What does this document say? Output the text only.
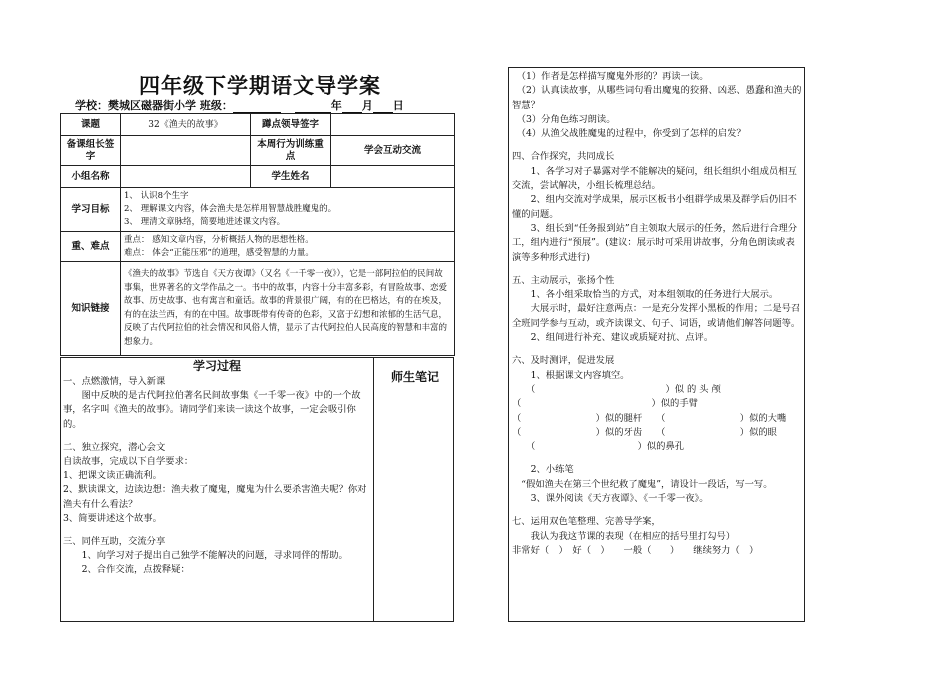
四年级下学期语文导学案
学校：樊城区磁器街小学 班级：	年 月 日
课题	32《渔夫的故事》	蹲点领导签字	
备课组长签字		本周行为训练重点	学会互动交流
小组名称		学生姓名	
学习目标	1、 认识8个生字
2、 理解课文内容，体会渔夫是怎样用智慧战胜魔鬼的。
3、 理清文章脉络，简要地进述课文内容。		

重、难点	重点： 感知文章内容，分析概括人物的思想性格。
难点： 体会“正能压邪”的道理，感受智慧的力量。		

知识链接	《渔夫的故事》节选自《天方夜谭》（又名《一千零一夜》），它是一部阿拉伯的民间故事集，世界著名的文学作品之一。书中的故事，内容十分丰富多彩，有冒险故事、恋爱故事、历史故事、也有寓言和童话。故事的背景很广阔，有的在巴格达，有的在埃及，有的在法兰西，有的在中国。故事既带有传奇的色彩，又富于幻想和浓郁的生活气息，反映了古代阿拉伯的社会情况和风俗人情，显示了古代阿拉伯人民高度的智慧和丰富的想象力。		
学习过程
师生笔记
一、点燃激情，导入新课
　　图中反映的是古代阿拉伯著名民间故事集《一千零一夜》中的一个故事，名字叫《渔夫的故事》。请同学们来读一读这个故事，一定会吸引你的。
二、独立探究，潜心会文
自读故事，完成以下自学要求：
1、把课文读正确流利。
2、默读课文，边读边想：渔夫救了魔鬼，魔鬼为什么要杀害渔夫呢？你对渔夫有什么看法？
3、简要讲述这个故事。
三、同伴互助，交流分享
　　1、向学习对子提出自己独学不能解决的问题，寻求同伴的帮助。
　　2、合作交流，点拨释疑：
　（1）作者是怎样描写魔鬼外形的？再读一读。
　（2）认真读故事，从哪些词句看出魔鬼的狡猾、凶恶、愚蠢和渔夫的智慧？
　（3）分角色练习朗读。
　（4）从渔父战胜魔鬼的过程中，你受到了怎样的启发？
四、合作探究，共同成长
　　1、各学习对子暴露对学不能解决的疑问，组长组织小组成员相互交流，尝试解决，小组长梳理总结。
　　2、组内交流对学成果，展示区板书小组群学成果及群学后仍旧不懂的问题。
　　3、组长到“任务报到站”自主领取大展示的任务，然后进行合理分工，组内进行“预展”。(建议：展示时可采用讲故事，分角色朗读或表演等多种形式进行)
五、主动展示，张扬个性
　　1、各小组采取恰当的方式，对本组领取的任务进行大展示。
　　大展示时，最好注意两点：一是充分发挥小黑板的作用；二是号召全班同学参与互动，或齐读课文、句子、词语，或请他们解答问题等。
　　2、组间进行补充、建议或质疑对抗、点评。
六、及时测评，促进发展
　　1、根据课文内容填空。
（　　　　　　　　　　　　　　）似 的 头 颅
（　　　　　　　　　　　　　　）似的手臂
（　　　　　　　　）似的腿杆　　（　　　　　　　　）似的大嘴
（　　　　　　　　）似的牙齿　　（　　　　　　　　）似的眼
（　　　　　　　　　　　）似的鼻孔
　　2、小练笔
　“假如渔夫在第三个世纪救了魔鬼”，请设计一段话，写一写。
　　3、课外阅读《天方夜谭》、《一千零一夜》。
七、运用双色笔整理、完善导学案，
　　我认为我这节课的表现（在相应的括号里打勾号）
非常好（　）　好（　）　　一般（　　）　　继续努力（　）
